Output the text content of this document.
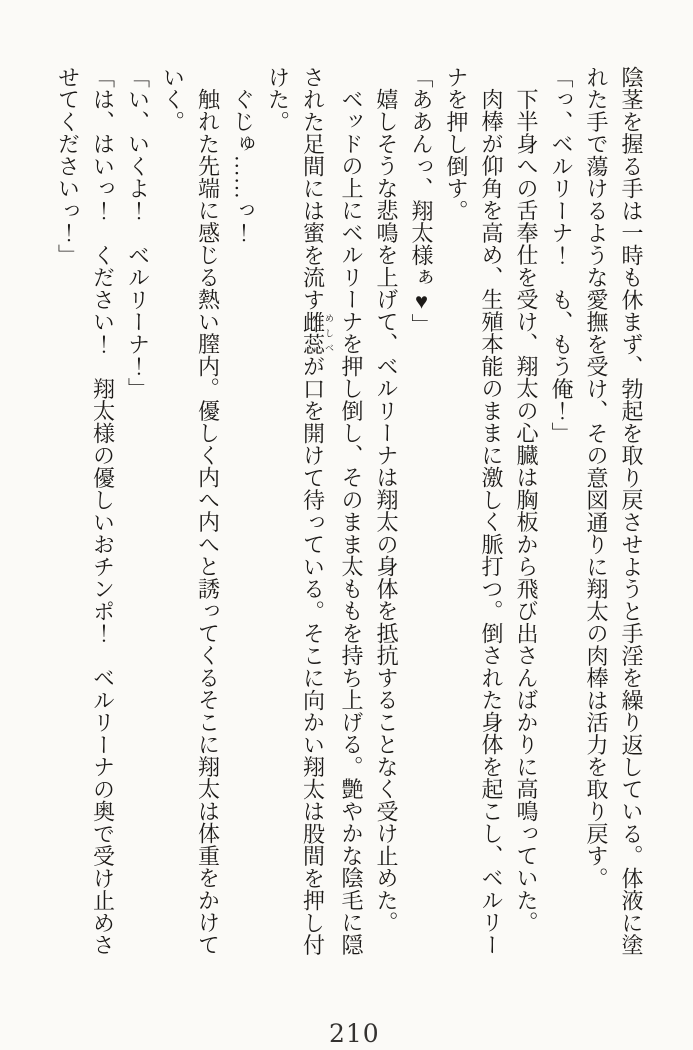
陰茎を握る手は一時も休まず、勃起を取り戻させようと手淫を繰り返している。体液に塗

れた手で蕩けるような愛撫を受け、その意図通りに翔太の肉棒は活力を取り戻す。

「っ、ベルリーナ！　も、もう俺！」

下半身への舌奉仕を受け、翔太の心臓は胸板から飛び出さんばかりに高鳴っていた。

肉棒が仰角を高め、生殖本能のままに激しく脈打つ。倒された身体を起こし、ベルリー

ナを押し倒す。

「ああんっ、翔太様ぁ♥」

嬉しそうな悲鳴を上げて、ベルリーナは翔太の身体を抵抗することなく受け止めた。

ベッドの上にベルリーナを押し倒し、そのまま太ももを持ち上げる。艶やかな陰毛に隠

された足間には蜜を流す雌蕊めしべが口を開けて待っている。そこに向かい翔太は股間を押し付

けた。

ぐじゅ……っ！

触れた先端に感じる熱い膣内。優しく内へ内へと誘ってくるそこに翔太は体重をかけて

いく。

「い、いくよ！　ベルリーナ！」

「は、はいっ！　ください！　翔太様の優しいおチンポ！　ベルリーナの奥で受け止めさ

せてくださいっ！」

210
